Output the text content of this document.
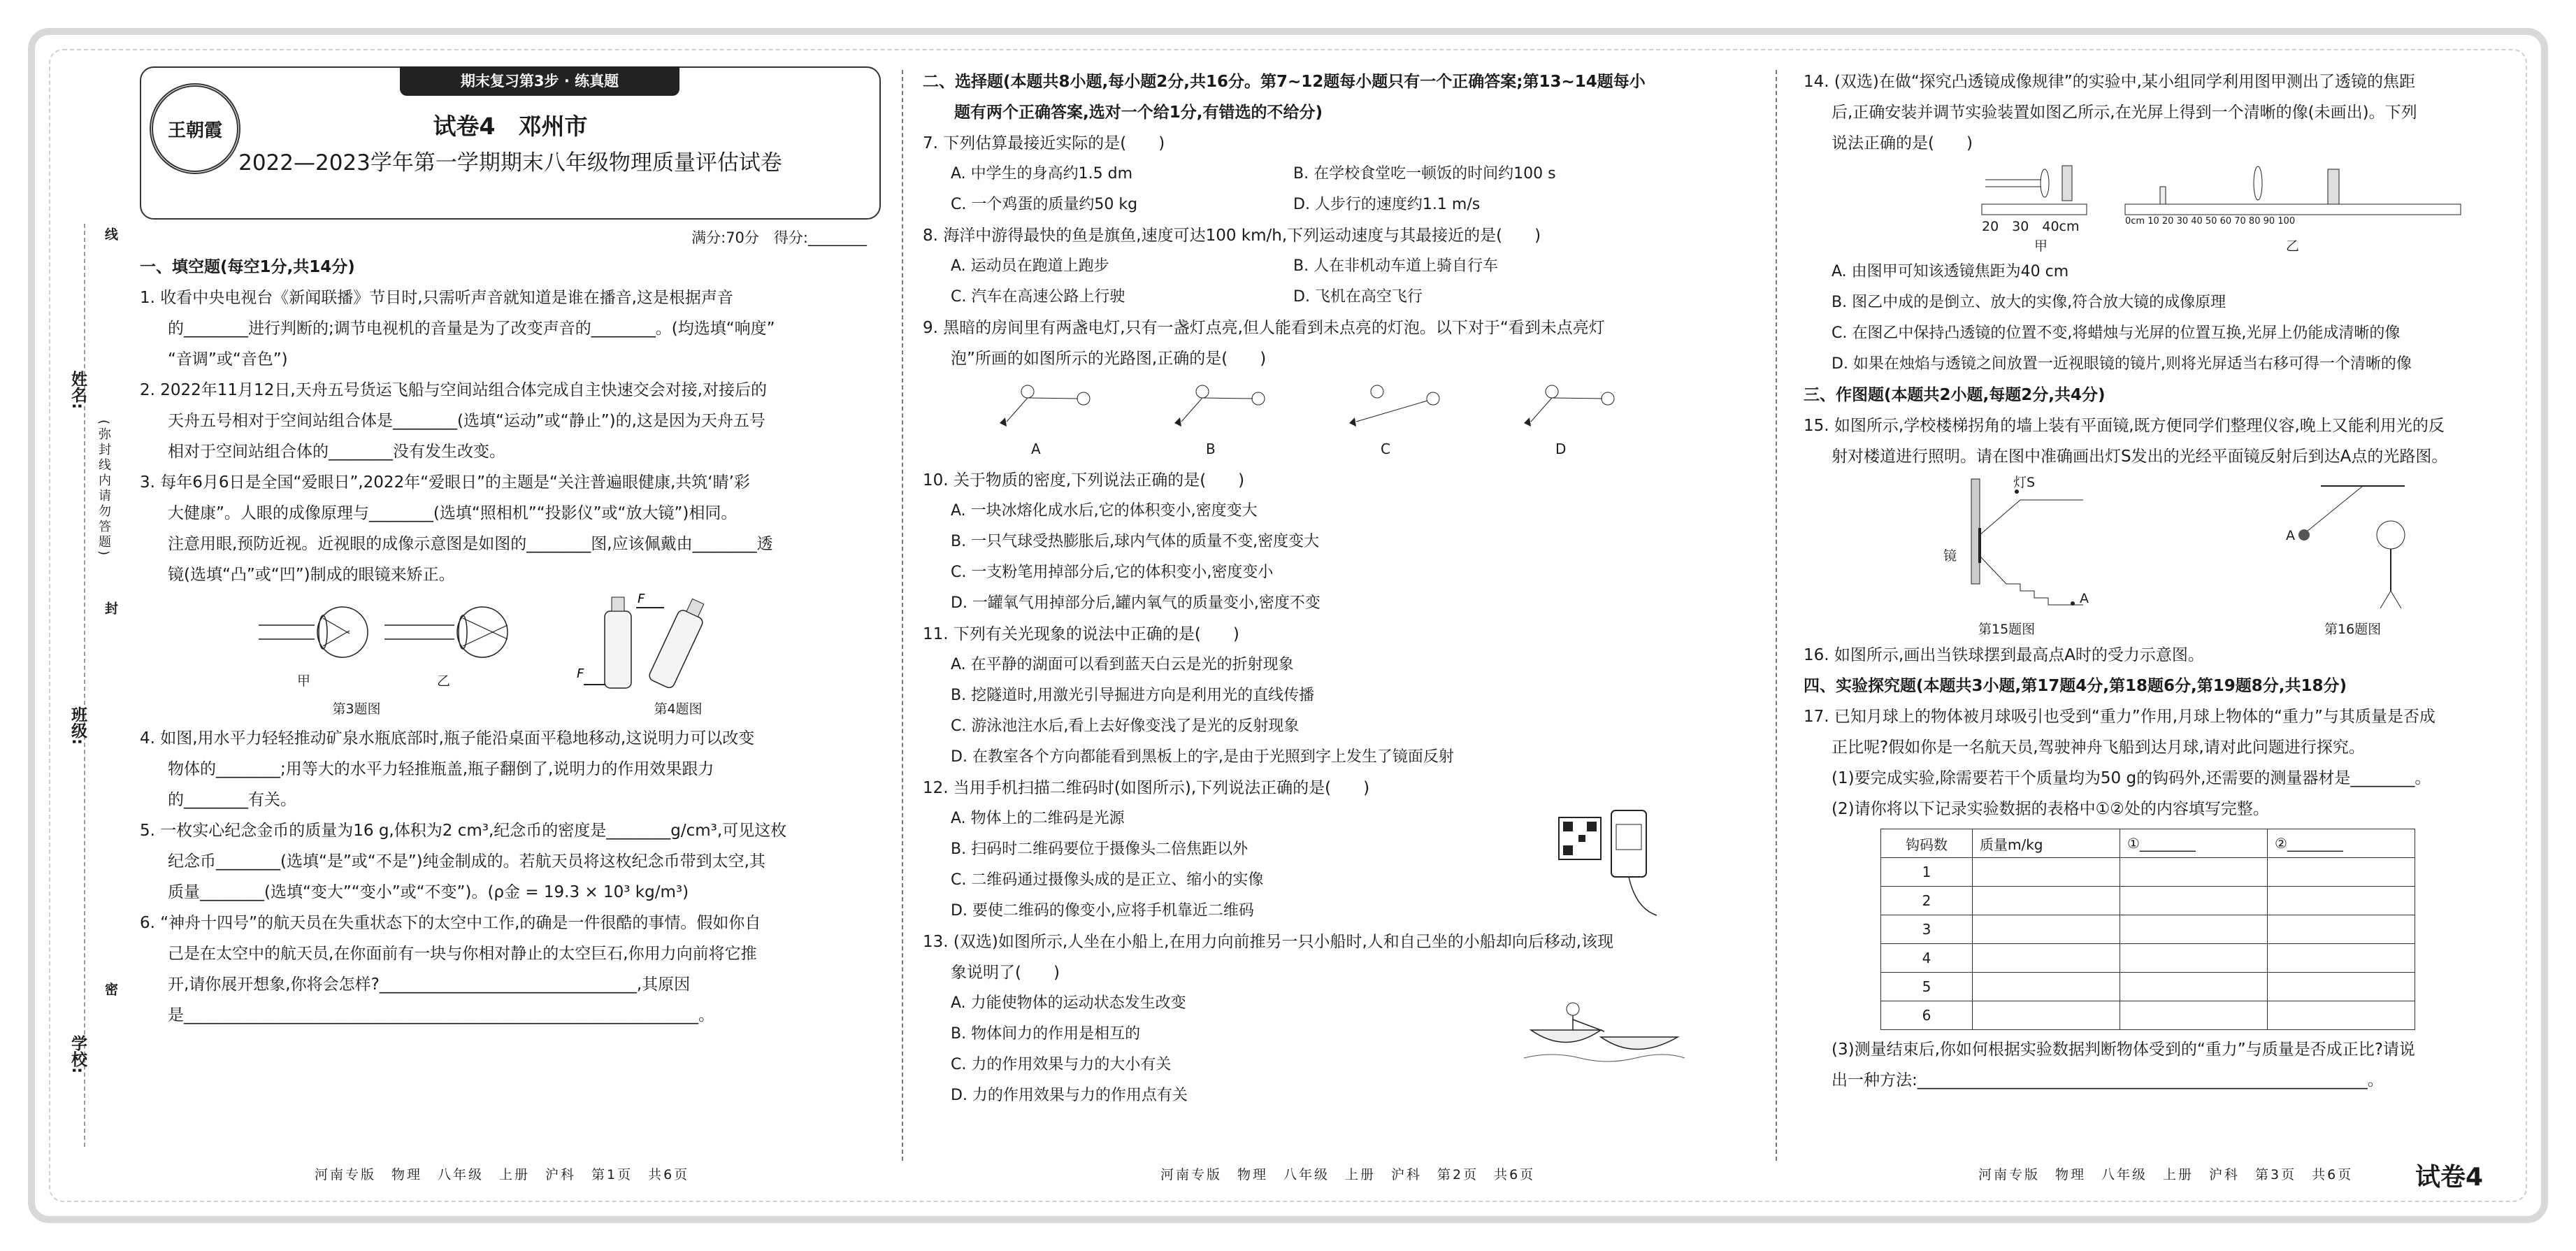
姓名:
班级:
学校:
(弥封线内请勿答题)
线
封
密
期末复习第3步 · 练真题
王朝霞	试卷4　邓州市
2022—2023学年第一学期期末八年级物理质量评估试卷
满分:70分　得分:________

一、填空题(每空1分,共14分)

1. 收看中央电视台《新闻联播》节目时,只需听声音就知道是谁在播音,这是根据声音

的________进行判断的;调节电视机的音量是为了改变声音的________。(均选填“响度”

“音调”或“音色”)

2. 2022年11月12日,天舟五号货运飞船与空间站组合体完成自主快速交会对接,对接后的

天舟五号相对于空间站组合体是________(选填“运动”或“静止”)的,这是因为天舟五号

相对于空间站组合体的________没有发生改变。

3. 每年6月6日是全国“爱眼日”,2022年“爱眼日”的主题是“关注普遍眼健康,共筑‘睛’彩

大健康”。人眼的成像原理与________(选填“照相机”“投影仪”或“放大镜”)相同。

注意用眼,预防近视。近视眼的成像示意图是如图的________图,应该佩戴由________透

镜(选填“凸”或“凹”)制成的眼镜来矫正。

甲	乙
第3题图
F
F
第4题图

4. 如图,用水平力轻轻推动矿泉水瓶底部时,瓶子能沿桌面平稳地移动,这说明力可以改变

物体的________;用等大的水平力轻推瓶盖,瓶子翻倒了,说明力的作用效果跟力

的________有关。

5. 一枚实心纪念金币的质量为16 g,体积为2 cm³,纪念币的密度是________g/cm³,可见这枚

纪念币________(选填“是”或“不是”)纯金制成的。若航天员将这枚纪念币带到太空,其

质量________(选填“变大”“变小”或“不变”)。(ρ金 = 19.3 × 10³ kg/m³)

6. “神舟十四号”的航天员在失重状态下的太空中工作,的确是一件很酷的事情。假如你自

己是在太空中的航天员,在你面前有一块与你相对静止的太空巨石,你用力向前将它推

开,请你展开想象,你将会怎样?________________________________,其原因

是________________________________________________________________。

河南专版　物理　八年级　上册　沪科　第1页　共6页

二、选择题(本题共8小题,每小题2分,共16分。第7~12题每小题只有一个正确答案;第13~14题每小

题有两个正确答案,选对一个给1分,有错选的不给分)

7. 下列估算最接近实际的是(　　)

A. 中学生的身高约1.5 dm	B. 在学校食堂吃一顿饭的时间约100 s
C. 一个鸡蛋的质量约50 kg	D. 人步行的速度约1.1 m/s

8. 海洋中游得最快的鱼是旗鱼,速度可达100 km/h,下列运动速度与其最接近的是(　　)

A. 运动员在跑道上跑步	B. 人在非机动车道上骑自行车
C. 汽车在高速公路上行驶	D. 飞机在高空飞行

9. 黑暗的房间里有两盏电灯,只有一盏灯点亮,但人能看到未点亮的灯泡。以下对于“看到未点亮灯

泡”所画的如图所示的光路图,正确的是(　　)

A	B	C	D

10. 关于物质的密度,下列说法正确的是(　　)

A. 一块冰熔化成水后,它的体积变小,密度变大
B. 一只气球受热膨胀后,球内气体的质量不变,密度变大
C. 一支粉笔用掉部分后,它的体积变小,密度变小
D. 一罐氧气用掉部分后,罐内氧气的质量变小,密度不变

11. 下列有关光现象的说法中正确的是(　　)

A. 在平静的湖面可以看到蓝天白云是光的折射现象
B. 挖隧道时,用激光引导掘进方向是利用光的直线传播
C. 游泳池注水后,看上去好像变浅了是光的反射现象
D. 在教室各个方向都能看到黑板上的字,是由于光照到字上发生了镜面反射

12. 当用手机扫描二维码时(如图所示),下列说法正确的是(　　)

A. 物体上的二维码是光源
B. 扫码时二维码要位于摄像头二倍焦距以外
C. 二维码通过摄像头成的是正立、缩小的实像
D. 要使二维码的像变小,应将手机靠近二维码

13. (双选)如图所示,人坐在小船上,在用力向前推另一只小船时,人和自己坐的小船却向后移动,该现

象说明了(　　)

A. 力能使物体的运动状态发生改变
B. 物体间力的作用是相互的
C. 力的作用效果与力的大小有关
D. 力的作用效果与力的作用点有关
河南专版　物理　八年级　上册　沪科　第2页　共6页

14. (双选)在做“探究凸透镜成像规律”的实验中,某小组同学利用图甲测出了透镜的焦距

后,正确安装并调节实验装置如图乙所示,在光屏上得到一个清晰的像(未画出)。下列

说法正确的是(　　)

20　30　40cm
甲
0cm 10 20 30 40 50 60 70 80 90 100
乙
A. 由图甲可知该透镜焦距为40 cm
B. 图乙中成的是倒立、放大的实像,符合放大镜的成像原理
C. 在图乙中保持凸透镜的位置不变,将蜡烛与光屏的位置互换,光屏上仍能成清晰的像
D. 如果在烛焰与透镜之间放置一近视眼镜的镜片,则将光屏适当右移可得一个清晰的像

三、作图题(本题共2小题,每题2分,共4分)

15. 如图所示,学校楼梯拐角的墙上装有平面镜,既方便同学们整理仪容,晚上又能利用光的反

射对楼道进行照明。请在图中准确画出灯S发出的光经平面镜反射后到达A点的光路图。

灯S
镜
A
第15题图
A
第16题图

16. 如图所示,画出当铁球摆到最高点A时的受力示意图。

四、实验探究题(本题共3小题,第17题4分,第18题6分,第19题8分,共18分)

17. 已知月球上的物体被月球吸引也受到“重力”作用,月球上物体的“重力”与其质量是否成

正比呢?假如你是一名航天员,驾驶神舟飞船到达月球,请对此问题进行探究。

(1)要完成实验,除需要若干个质量均为50 g的钩码外,还需要的测量器材是________。

(2)请你将以下记录实验数据的表格中①②处的内容填写完整。

钩码数	质量m/kg	①________	②________
1			
2			
3			
4			
5			
6			

(3)测量结束后,你如何根据实验数据判断物体受到的“重力”与质量是否成正比?请说

出一种方法:________________________________________________________。

河南专版　物理　八年级　上册　沪科　第3页　共6页 试卷4
